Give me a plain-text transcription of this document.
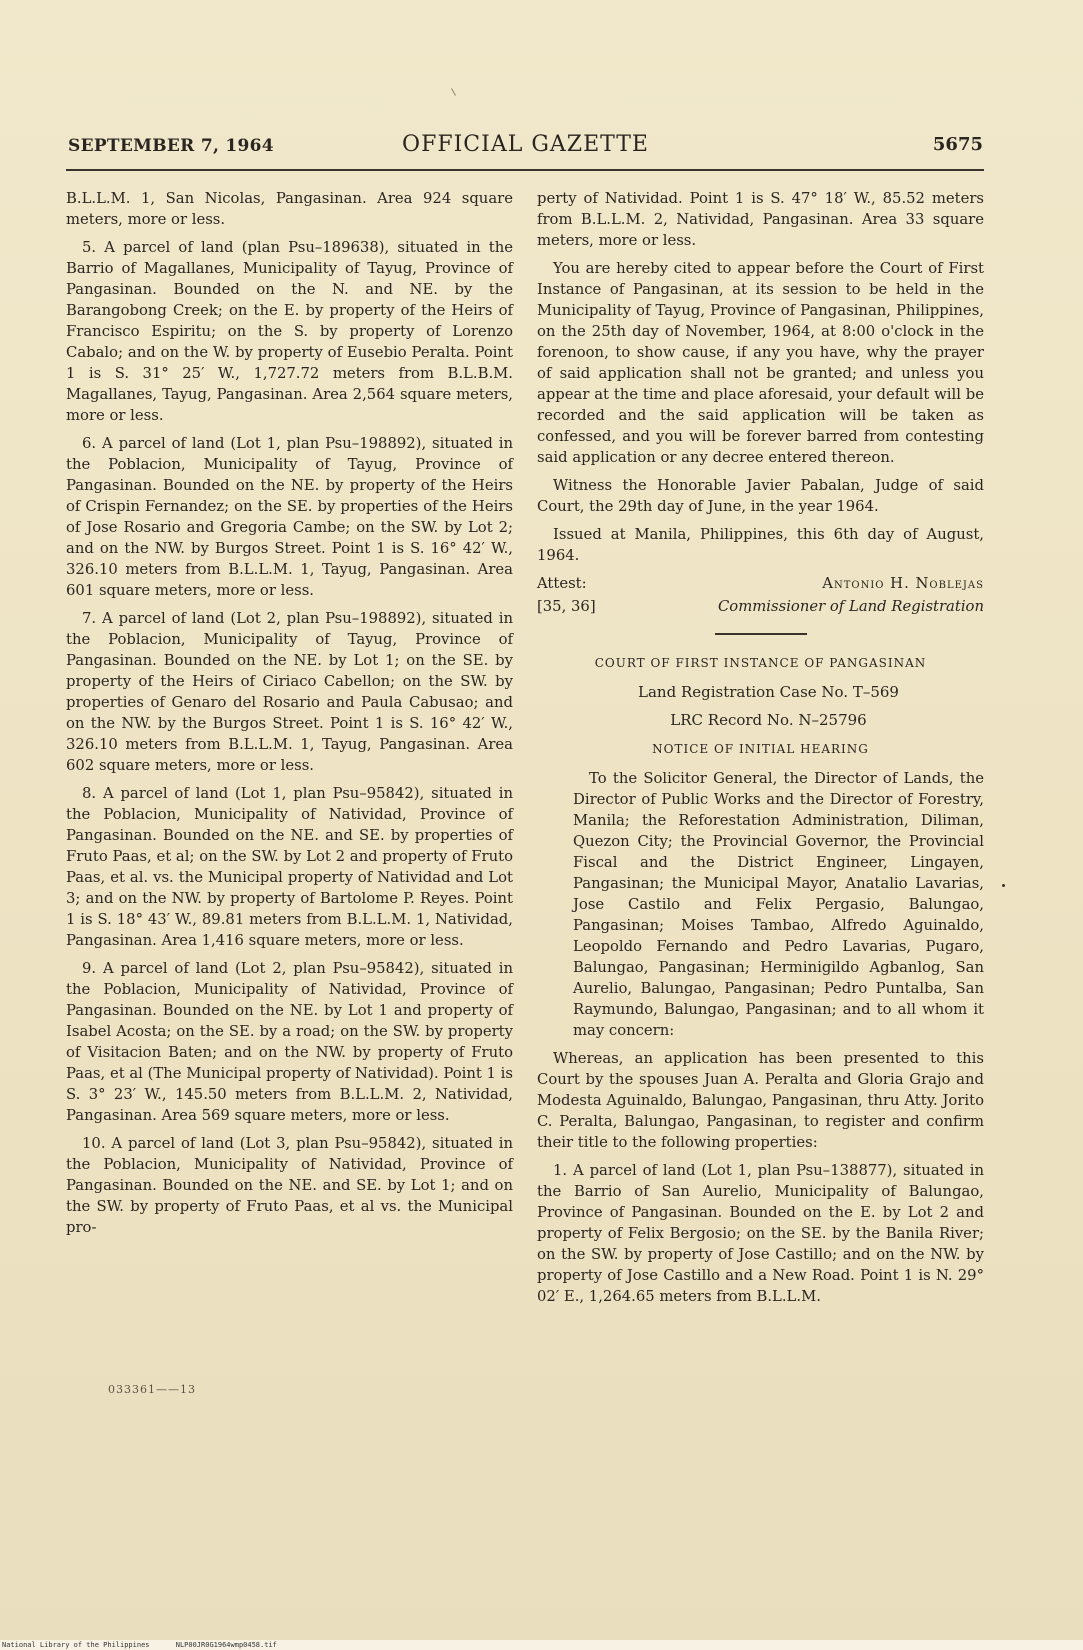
SEPTEMBER 7, 1964	OFFICIAL GAZETTE	5675

B.L.L.M. 1, San Nicolas, Pangasinan. Area 924 square meters, more or less.

5. A parcel of land (plan Psu–189638), situated in the Barrio of Magallanes, Municipality of Tayug, Province of Pangasinan. Bounded on the N. and NE. by the Barangobong Creek; on the E. by property of the Heirs of Francisco Espiritu; on the S. by property of Lorenzo Cabalo; and on the W. by property of Eusebio Peralta. Point 1 is S. 31° 25′ W., 1,727.72 meters from B.L.B.M. Magallanes, Tayug, Pangasinan. Area 2,564 square meters, more or less.

6. A parcel of land (Lot 1, plan Psu–198892), situated in the Poblacion, Municipality of Tayug, Province of Pangasinan. Bounded on the NE. by property of the Heirs of Crispin Fernandez; on the SE. by properties of the Heirs of Jose Rosario and Gregoria Cambe; on the SW. by Lot 2; and on the NW. by Burgos Street. Point 1 is S. 16° 42′ W., 326.10 meters from B.L.L.M. 1, Tayug, Pangasinan. Area 601 square meters, more or less.

7. A parcel of land (Lot 2, plan Psu–198892), situated in the Poblacion, Municipality of Tayug, Province of Pangasinan. Bounded on the NE. by Lot 1; on the SE. by property of the Heirs of Ciriaco Cabellon; on the SW. by properties of Genaro del Rosario and Paula Cabusao; and on the NW. by the Burgos Street. Point 1 is S. 16° 42′ W., 326.10 meters from B.L.L.M. 1, Tayug, Pangasinan. Area 602 square meters, more or less.

8. A parcel of land (Lot 1, plan Psu–95842), situated in the Poblacion, Municipality of Natividad, Province of Pangasinan. Bounded on the NE. and SE. by properties of Fruto Paas, et al; on the SW. by Lot 2 and property of Fruto Paas, et al. vs. the Municipal property of Natividad and Lot 3; and on the NW. by property of Bartolome P. Reyes. Point 1 is S. 18° 43′ W., 89.81 meters from B.L.L.M. 1, Natividad, Pangasinan. Area 1,416 square meters, more or less.

9. A parcel of land (Lot 2, plan Psu–95842), situated in the Poblacion, Municipality of Natividad, Province of Pangasinan. Bounded on the NE. by Lot 1 and property of Isabel Acosta; on the SE. by a road; on the SW. by property of Visitacion Baten; and on the NW. by property of Fruto Paas, et al (The Municipal property of Natividad). Point 1 is S. 3° 23′ W., 145.50 meters from B.L.L.M. 2, Natividad, Pangasinan. Area 569 square meters, more or less.

10. A parcel of land (Lot 3, plan Psu–95842), situated in the Poblacion, Municipality of Natividad, Province of Pangasinan. Bounded on the NE. and SE. by Lot 1; and on the SW. by property of Fruto Paas, et al vs. the Municipal pro-

033361——13

perty of Natividad. Point 1 is S. 47° 18′ W., 85.52 meters from B.L.L.M. 2, Natividad, Pangasinan. Area 33 square meters, more or less.

You are hereby cited to appear before the Court of First Instance of Pangasinan, at its session to be held in the Municipality of Tayug, Province of Pangasinan, Philippines, on the 25th day of November, 1964, at 8:00 o'clock in the forenoon, to show cause, if any you have, why the prayer of said application shall not be granted; and unless you appear at the time and place aforesaid, your default will be recorded and the said application will be taken as confessed, and you will be forever barred from contesting said application or any decree entered thereon.

Witness the Honorable Javier Pabalan, Judge of said Court, the 29th day of June, in the year 1964.

Issued at Manila, Philippines, this 6th day of August, 1964.

Attest:	Antonio H. Noblejas
[35, 36]	Commissioner of Land Registration
COURT OF FIRST INSTANCE OF PANGASINAN

Land Registration Case No. T–569

LRC Record No. N–25796

NOTICE OF INITIAL HEARING

To the Solicitor General, the Director of Lands, the Director of Public Works and the Director of Forestry, Manila; the Reforestation Administration, Diliman, Quezon City; the Provincial Governor, the Provincial Fiscal and the District Engineer, Lingayen, Pangasinan; the Municipal Mayor, Anatalio Lavarias, Jose Castilo and Felix Pergasio, Balungao, Pangasinan; Moises Tambao, Alfredo Aguinaldo, Leopoldo Fernando and Pedro Lavarias, Pugaro, Balungao, Pangasinan; Herminigildo Agbanlog, San Aurelio, Balungao, Pangasinan; Pedro Puntalba, San Raymundo, Balungao, Pangasinan; and to all whom it may concern:

Whereas, an application has been presented to this Court by the spouses Juan A. Peralta and Gloria Grajo and Modesta Aguinaldo, Balungao, Pangasinan, thru Atty. Jorito C. Peralta, Balungao, Pangasinan, to register and confirm their title to the following properties:

1. A parcel of land (Lot 1, plan Psu–138877), situated in the Barrio of San Aurelio, Municipality of Balungao, Province of Pangasinan. Bounded on the E. by Lot 2 and property of Felix Bergosio; on the SE. by the Banila River; on the SW. by property of Jose Castillo; and on the NW. by property of Jose Castillo and a New Road. Point 1 is N. 29° 02′ E., 1,264.65 meters from B.L.L.M.

National Library of the Philippines	NLP00JR0G1964wmp0458.tif
